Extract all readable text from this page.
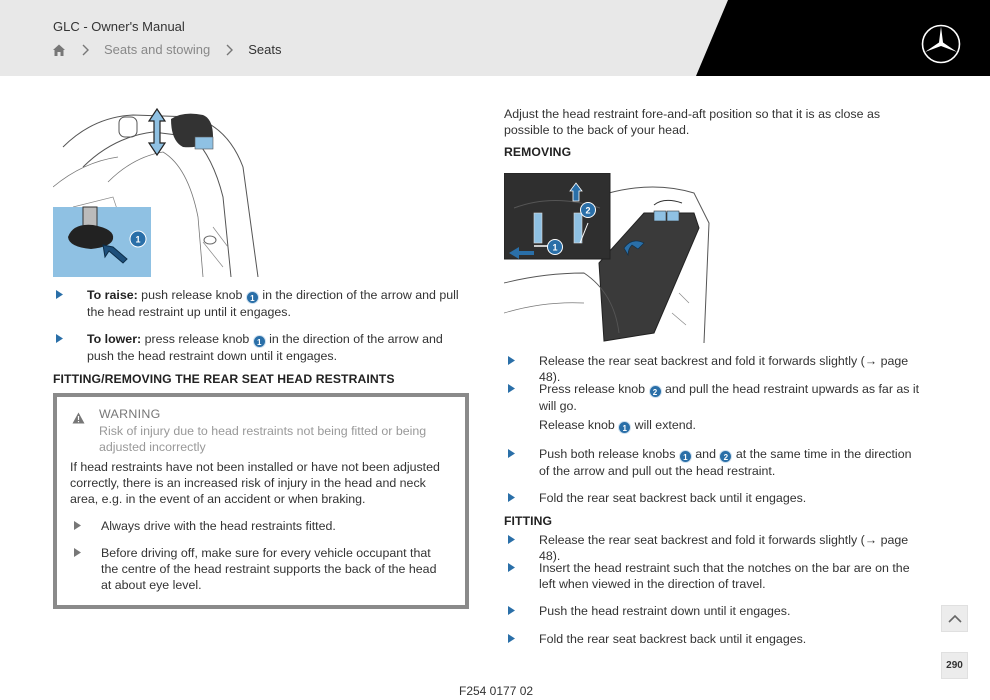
GLC - Owner's Manual
Seats and stowing	Seats
1
To raise: push release knob 1 in the direction of the arrow and pull the head restraint up until it engages.
To lower: press release knob 1 in the direction of the arrow and push the head restraint down until it engages.
FITTING/REMOVING THE REAR SEAT HEAD RESTRAINTS
WARNING
Risk of injury due to head restraints not being fitted or being adjusted incorrectly
If head restraints have not been installed or have not been adjusted correctly, there is an increased risk of injury in the head and neck area, e.g. in the event of an accident or when braking.
Always drive with the head restraints fitted.
Before driving off, make sure for every vehicle occupant that the centre of the head restraint supports the back of the head at about eye level.
Adjust the head restraint fore-and-aft position so that it is as close as possible to the back of your head.
REMOVING
1
2
Release the rear seat backrest and fold it forwards slightly (→ page 48).
Press release knob 2 and pull the head restraint upwards as far as it will go.
Release knob 1 will extend.
Push both release knobs 1 and 2 at the same time in the direction of the arrow and pull out the head restraint.
Fold the rear seat backrest back until it engages.
FITTING
Release the rear seat backrest and fold it forwards slightly (→ page 48).
Insert the head restraint such that the notches on the bar are on the left when viewed in the direction of travel.
Push the head restraint down until it engages.
Fold the rear seat backrest back until it engages.
290
F254 0177 02
